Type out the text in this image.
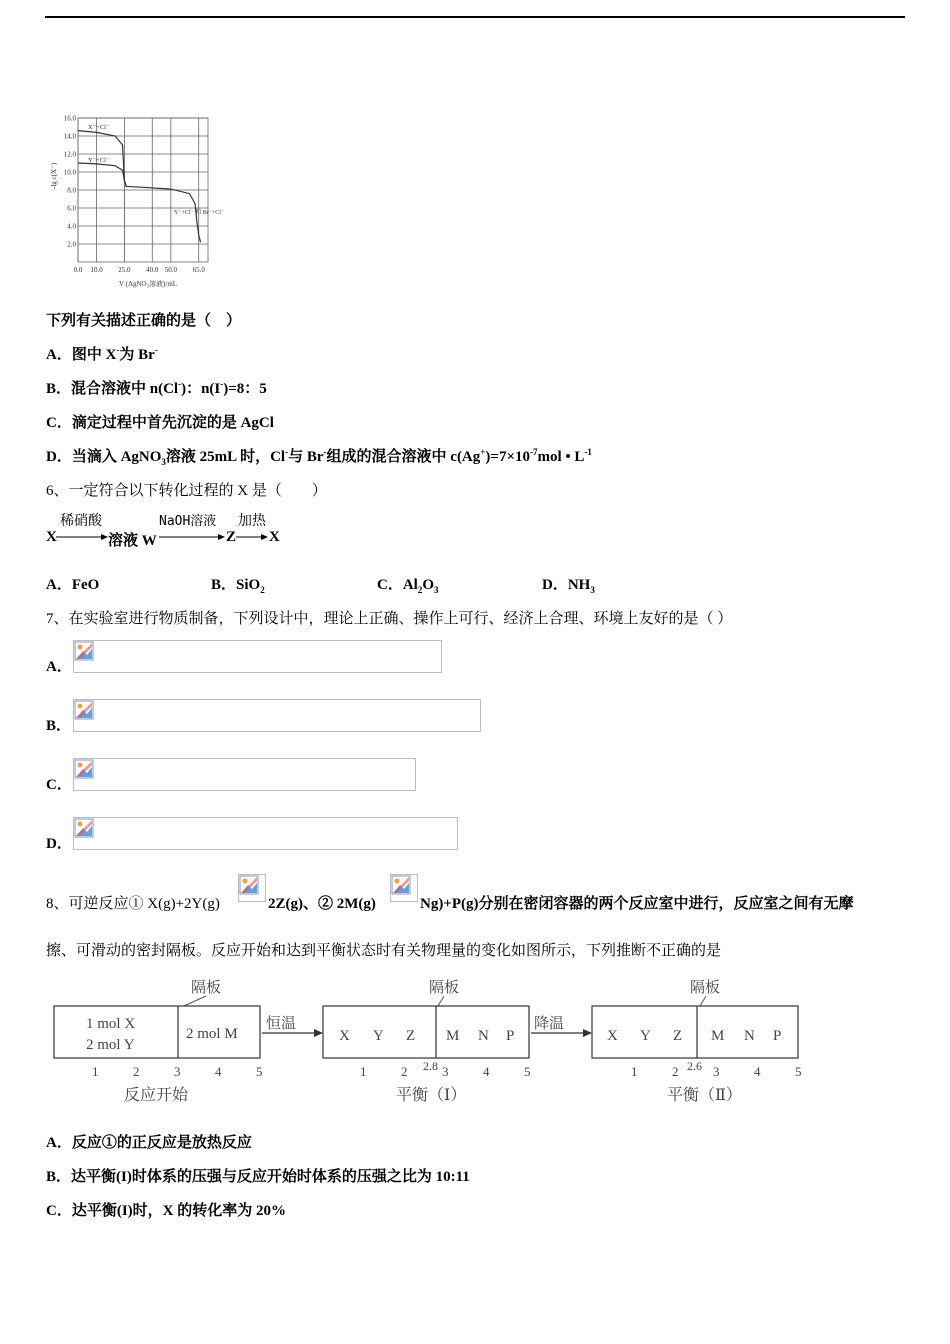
0.0 10.0 25.0 40.0 50.0 65.0
2.0
4.0
6.0
8.0
10.0
12.0
14.0
16.0
V (AgNO₃溶液)/mL
-lg c(X⁻)
X⁻+Cl⁻
Y⁻+Cl⁻
Y⁻+Cl⁻ 和 Br⁻+Cl⁻
下列有关描述正确的是（　）
A．图中 X-为 Br-
B．混合溶液中 n(Cl-)：n(I-)=8：5
C．滴定过程中首先沉淀的是 AgCl
D．当滴入 AgNO$_3$溶液 25mL 时，Cl-与 Br-组成的混合溶液中 $c(Ag^+)=7\times 10^{-7}mol$ • $L^{-1}$
6、一定符合以下转化过程的 X 是（　　）
稀硝酸	NaOH溶液 加热
X	溶液 W	Z X
A．FeO	B．SiO$_2$	C．$Al_2O_3$	D．$NH_3$
7、在实验室进行物质制备，下列设计中，理论上正确、操作上可行、经济上合理、环境上友好的是（ ）
A．
B．
C．
D．
8、可逆反应① X(g)+2Y(g)	2Z(g)、② 2M(g)	Ng)+P(g)分别在密闭容器的两个反应室中进行，反应室之间有无摩
擦、可滑动的密封隔板。反应开始和达到平衡状态时有关物理量的变化如图所示，下列推断不正确的是
隔板	隔板	隔板
1 mol X
2 mol Y
2 mol M
恒温
X Y Z M N P
降温
X Y Z M N P
1	2	3	4	5	1	2 2.8 3	4	5	1	2 2.6 3	4	5
反应开始	平衡（Ⅰ）	平衡（Ⅱ）
A．反应①的正反应是放热反应
B．达平衡(I)时体系的压强与反应开始时体系的压强之比为 10:11
C．达平衡(I)时，X 的转化率为 20%
